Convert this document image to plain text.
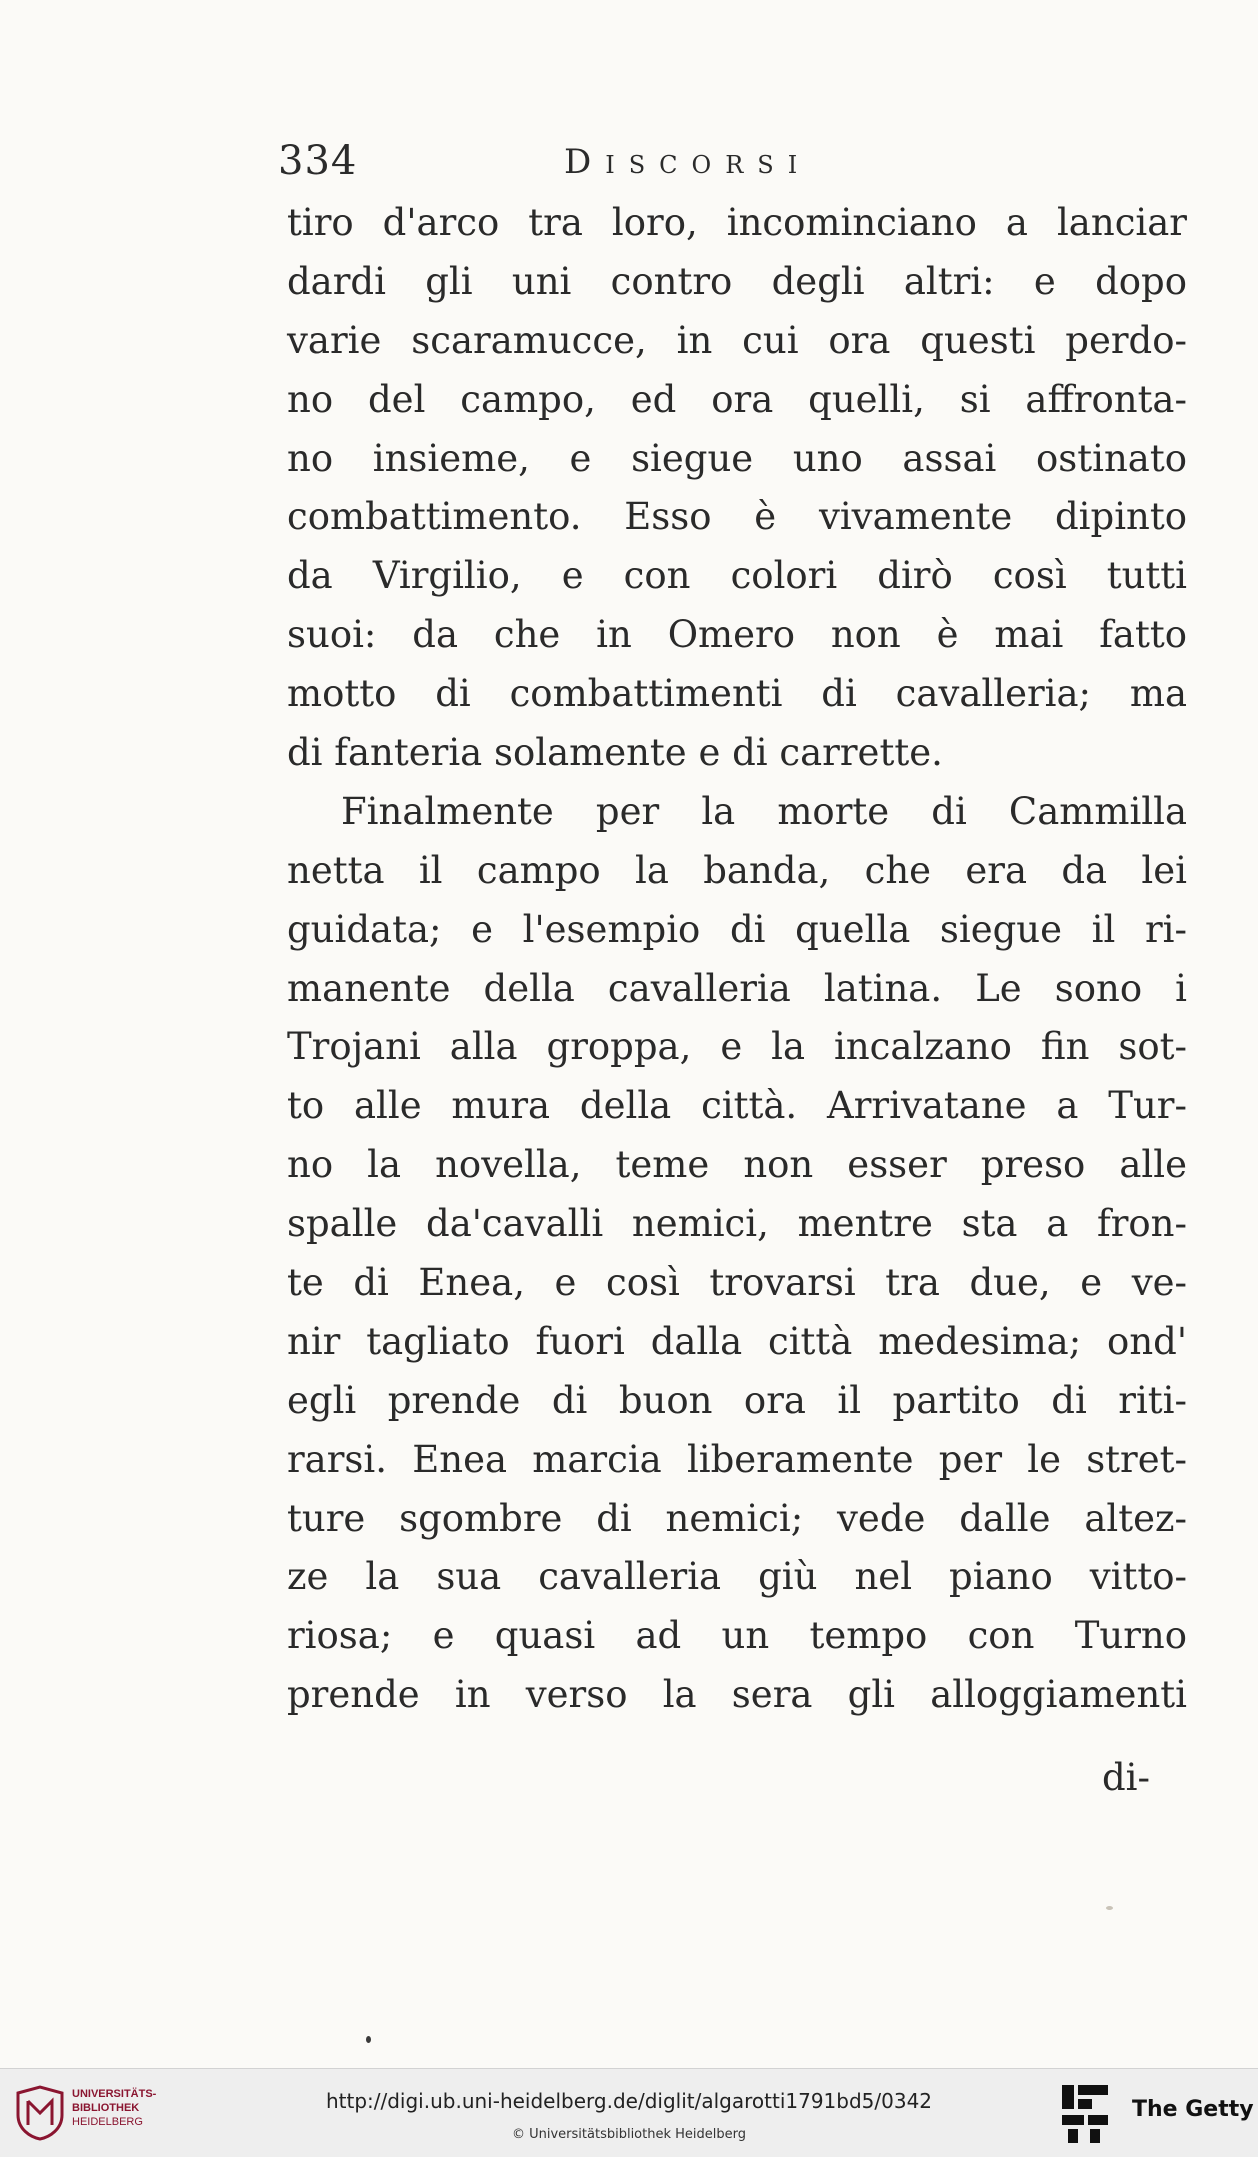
334	Discorsi
tiro d'arco tra loro, incominciano a lanciar
dardi gli uni contro degli altri: e dopo
varie scaramucce, in cui ora questi perdo-
no del campo, ed ora quelli, si affronta-
no insieme, e siegue uno assai ostinato
combattimento. Esso è vivamente dipinto
da Virgilio, e con colori dirò così tutti
suoi: da che in Omero non è mai fatto
motto di combattimenti di cavalleria; ma
di fanteria solamente e di carrette.
Finalmente per la morte di Cammilla
netta il campo la banda, che era da lei
guidata; e l'esempio di quella siegue il ri-
manente della cavalleria latina. Le sono i
Trojani alla groppa, e la incalzano fin sot-
to alle mura della città. Arrivatane a Tur-
no la novella, teme non esser preso alle
spalle da'cavalli nemici, mentre sta a fron-
te di Enea, e così trovarsi tra due, e ve-
nir tagliato fuori dalla città medesima; ond'
egli prende di buon ora il partito di riti-
rarsi. Enea marcia liberamente per le stret-
ture sgombre di nemici; vede dalle altez-
ze la sua cavalleria giù nel piano vitto-
riosa; e quasi ad un tempo con Turno
prende in verso la sera gli alloggiamenti
di-
UNIVERSITÄTS-
BIBLIOTHEK
HEIDELBERG
http://digi.ub.uni-heidelberg.de/diglit/algarotti1791bd5/0342
© Universitätsbibliothek Heidelberg
The Getty
